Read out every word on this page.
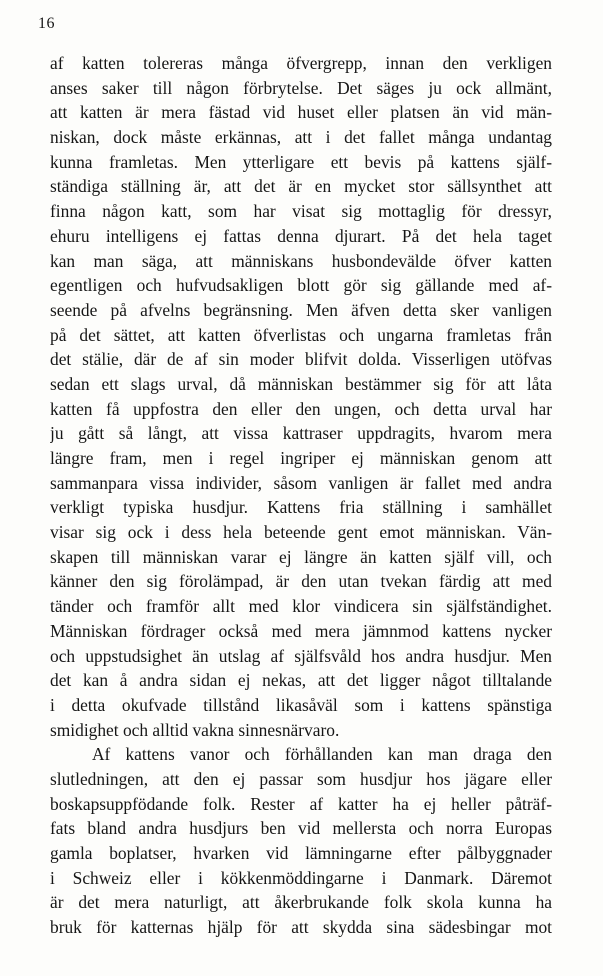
16
af katten tolereras många öfvergrepp, innan den verkligen
anses saker till någon förbrytelse. Det säges ju ock allmänt,
att katten är mera fästad vid huset eller platsen än vid män-
niskan, dock måste erkännas, att i det fallet många undantag
kunna framletas. Men ytterligare ett bevis på kattens själf-
ständiga ställning är, att det är en mycket stor sällsynthet att
finna någon katt, som har visat sig mottaglig för dressyr,
ehuru intelligens ej fattas denna djurart. På det hela taget
kan man säga, att människans husbondevälde öfver katten
egentligen och hufvudsakligen blott gör sig gällande med af-
seende på afvelns begränsning. Men äfven detta sker vanligen
på det sättet, att katten öfverlistas och ungarna framletas från
det stälie, där de af sin moder blifvit dolda. Visserligen utöfvas
sedan ett slags urval, då människan bestämmer sig för att låta
katten få uppfostra den eller den ungen, och detta urval har
ju gått så långt, att vissa kattraser uppdragits, hvarom mera
längre fram, men i regel ingriper ej människan genom att
sammanpara vissa individer, såsom vanligen är fallet med andra
verkligt typiska husdjur. Kattens fria ställning i samhället
visar sig ock i dess hela beteende gent emot människan. Vän-
skapen till människan varar ej längre än katten själf vill, och
känner den sig förolämpad, är den utan tvekan färdig att med
tänder och framför allt med klor vindicera sin själfständighet.
Människan fördrager också med mera jämnmod kattens nycker
och uppstudsighet än utslag af själfsvåld hos andra husdjur. Men
det kan å andra sidan ej nekas, att det ligger något tilltalande
i detta okufvade tillstånd likasåväl som i kattens spänstiga
smidighet och alltid vakna sinnesnärvaro.
Af kattens vanor och förhållanden kan man draga den
slutledningen, att den ej passar som husdjur hos jägare eller
boskapsuppfödande folk. Rester af katter ha ej heller påträf-
fats bland andra husdjurs ben vid mellersta och norra Europas
gamla boplatser, hvarken vid lämningarne efter pålbyggnader
i Schweiz eller i kökkenmöddingarne i Danmark. Däremot
är det mera naturligt, att åkerbrukande folk skola kunna ha
bruk för katternas hjälp för att skydda sina sädesbingar mot
